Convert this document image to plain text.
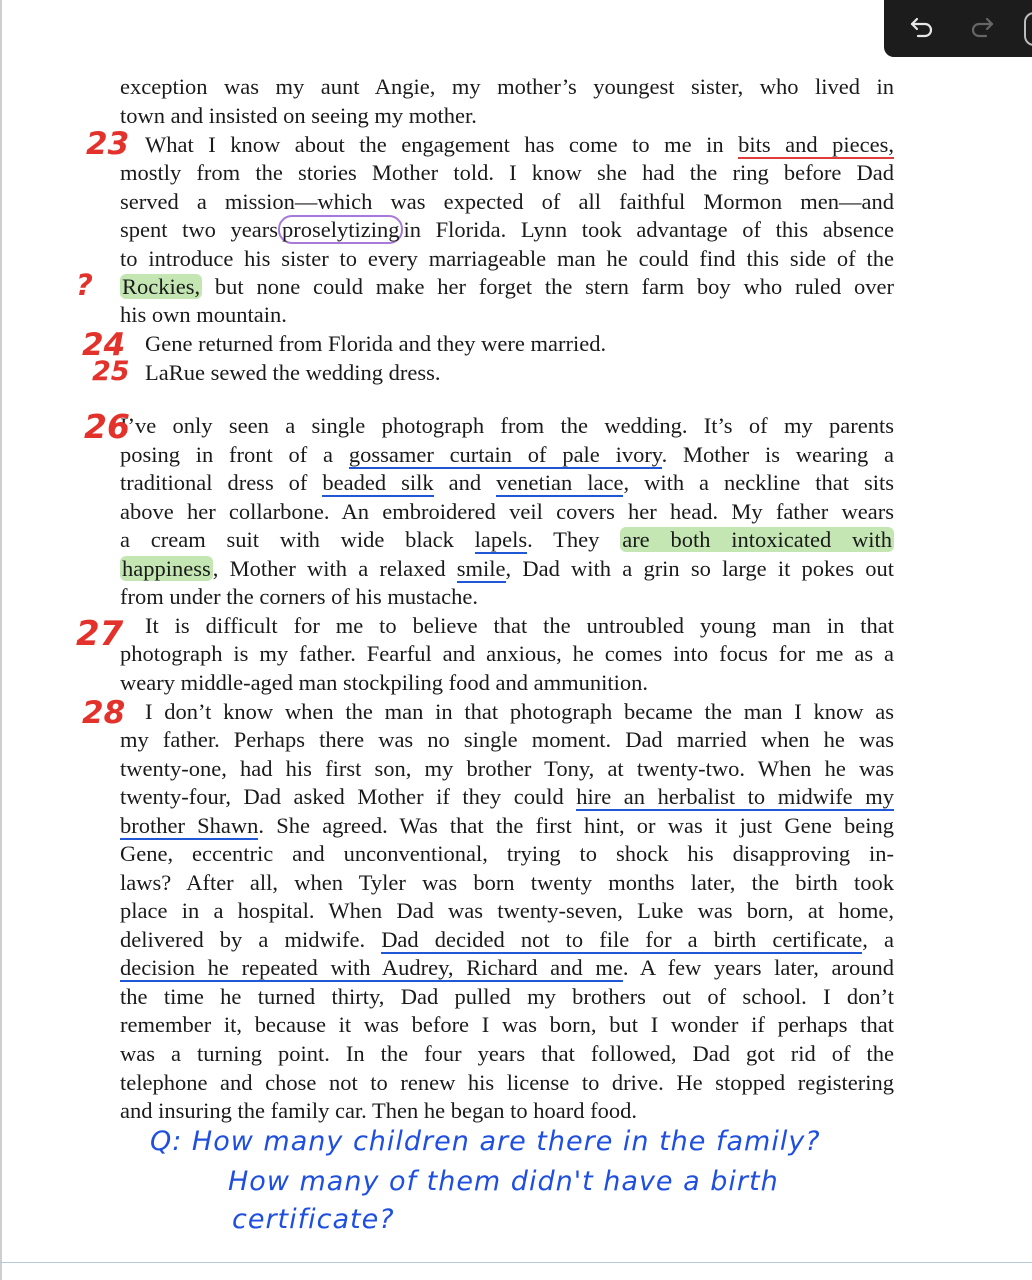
exception was my aunt Angie, my mother’s youngest sister, who lived in
town and insisted on seeing my mother.
What I know about the engagement has come to me in bits and pieces,
mostly from the stories Mother told. I know she had the ring before Dad
served a mission—which was expected of all faithful Mormon men—and
spent two years proselytizing in Florida. Lynn took advantage of this absence
to introduce his sister to every marriageable man he could find this side of the
Rockies, but none could make her forget the stern farm boy who ruled over
his own mountain.
Gene returned from Florida and they were married.
LaRue sewed the wedding dress.
I’ve only seen a single photograph from the wedding. It’s of my parents
posing in front of a gossamer curtain of pale ivory. Mother is wearing a
traditional dress of beaded silk and venetian lace, with a neckline that sits
above her collarbone. An embroidered veil covers her head. My father wears
a cream suit with wide black lapels. They are both intoxicated with
happiness, Mother with a relaxed smile, Dad with a grin so large it pokes out
from under the corners of his mustache.
It is difficult for me to believe that the untroubled young man in that
photograph is my father. Fearful and anxious, he comes into focus for me as a
weary middle-aged man stockpiling food and ammunition.
I don’t know when the man in that photograph became the man I know as
my father. Perhaps there was no single moment. Dad married when he was
twenty-one, had his first son, my brother Tony, at twenty-two. When he was
twenty-four, Dad asked Mother if they could hire an herbalist to midwife my
brother Shawn. She agreed. Was that the first hint, or was it just Gene being
Gene, eccentric and unconventional, trying to shock his disapproving in-
laws? After all, when Tyler was born twenty months later, the birth took
place in a hospital. When Dad was twenty-seven, Luke was born, at home,
delivered by a midwife. Dad decided not to file for a birth certificate, a
decision he repeated with Audrey, Richard and me. A few years later, around
the time he turned thirty, Dad pulled my brothers out of school. I don’t
remember it, because it was before I was born, but I wonder if perhaps that
was a turning point. In the four years that followed, Dad got rid of the
telephone and chose not to renew his license to drive. He stopped registering
and insuring the family car. Then he began to hoard food.
23
?
24
25
26
27
28
Q: How many children are there in the family?
How many of them didn't have a birth
certificate?
